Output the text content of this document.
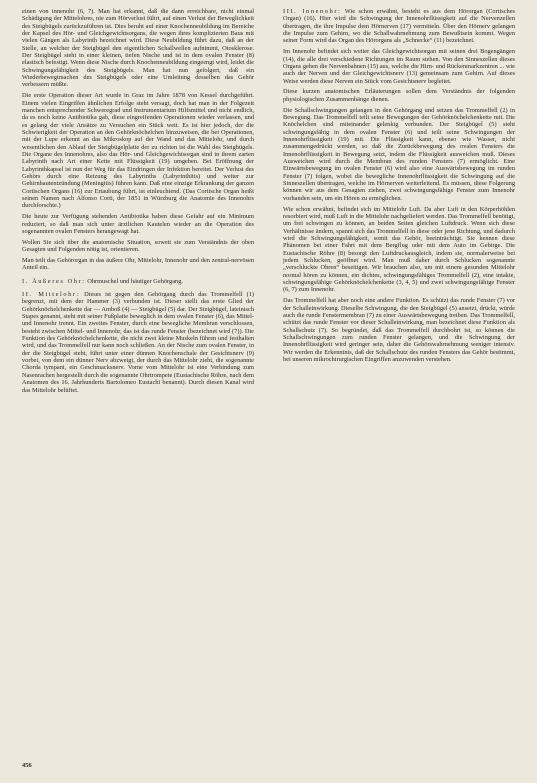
einen von innenohr (6, 7). Man hat erkannt, daß die dann erreichbare, nicht einmal Schädigung der Mittelohres, nie zum Hörverlust führt, auf einen Verlust der Beweglichkeit des Steigbügels zurückzuführen ist. Dies beruht auf einer Knochenneubildung im Bereiche der Kapsel des Hör- und Gleichgewichtsorgans, die wegen ihres komplizierten Baus mit vielen Gängen als Labyrinth bezeichnet wird. Diese Neubildung führt dazu, daß an der Stelle, an welcher der Steigbügel den eigentlichen Schallwellen aufnimmt, Otosklerose. Der Steigbügel steht in einer kleinen, tiefen Nische und ist in dem ovalen Fenster (8) elastisch befestigt. Wenn diese Nische durch Knochenneubildung eingeengt wird, leidet die Schwingungsfähigkeit des Steigbügels. Man hat nun gefolgert, daß ein Wiederbewegtmachen des Steigbügels oder eine Umleitung desselben das Gehör verbessern müßte.

Die erste Operation dieser Art wurde in Graz im Jahre 1878 von Kessel durchgeführt. Einem vielen Eingriffen ähnlichen Erfolge steht versagt, doch hat man in der Folgezeit manchen entsprechender Schweregrad und Instrumentarium Hilfsmittel und nicht endlich, da es noch keine Antibiotika gab, diese eingreifenden Operationen wieder verlassen, und es gelang der viele Ansätze zu Versuchen ein Stück weit. Es ist hier jedoch, der die Schwierigkeit der Operation an den Gehörknöchelchen hinzuweisen, die bei Operationen, mit der Lupe erkennt an das Mikroskop auf der Wand und das Mittelohr, und durch wesentlichen den Ablauf der Steigbügelplatte der zu richten ist die Wahl des Steigbügels. Die Organe des Innenohres, also das Hör- und Gleichgewichtsorgan sind in ihrem zarten Labyrinth nach Art einer Kette mit Flüssigkeit (19) umgeben. Bei Eröffnung der Labyrinthkapsel ist nun der Weg für das Eindringen der Infektion bereitet. Der Verlust des Gehörs durch eine Reizung des Labyrinths (Labyrinthitis) und weiter zur Gehirnhautentzündung (Meningitis) führen kann. Daß eine einzige Erkrankung der ganzen Cortischen Organs (16) zur Ertaubung führt, ist einleuchtend. (Das Cortische Organ heißt seinen Namen nach Alfonso Corti, der 1851 in Würzburg die Anatomie des Innenohrs durchforschte.)

Die heute zur Verfügung stehenden Antibiotika haben diese Gefahr auf ein Minimum reduziert, so daß man sich unter ärztlichen Kautelen wieder an die Operation des sogenannten ovalen Fensters herangewagt hat.

Wollen Sie sich über die anatomische Situation, soweit sie zum Verständnis der oben Gesagten und Folgenden nötig ist, orientieren.

Man teilt das Gehörorgan in das äußere Ohr, Mittelohr, Innenohr und den zentral-nervösen Anteil ein.

I. Äußeres Ohr: Ohrmuschel und häutiger Gehörgang.

II. Mittelohr: Dieses ist gegen den Gehörgang durch das Trommelfell (1) begrenzt, mit dem der Hammer (3) verbunden ist. Dieser stellt das erste Glied der Gehörknöchelchenkette dar — Amboß (4) — Steigbügel (5) dar. Der Steigbügel, lateinisch Stapes genannt, steht mit seiner Fußplatte beweglich in dem ovalen Fenster (6), das Mittel- und Innenohr trennt. Ein zweites Fenster, durch eine bewegliche Membran verschlossen, besteht zwischen Mittel- und Innenohr, das ist das runde Fenster (bezeichnet wird (7)). Die Funktion des Gehörknöchelchenkette, die nicht zwei kleine Muskeln führen und festhalten wird, und das Trommelfell nur kann noch schließen. An der Nische zum ovalen Fenster, in der die Steigbügel steht, führt unter einer dünnen Knochenschale der Gesichtsnerv (9) vorbei, von dem ein dünner Nerv abzweigt, der durch das Mittelohr zieht, die sogenannte Chorda tympani, ein Geschmacksnerv. Vorne vom Mittelohr ist eine Verbindung zum Nasenrachen hergestellt durch die sogenannte Ohrtrompete (Eustachische Röhre, nach dem Anatomen des 16. Jahrhunderts Bartolomeo Eustachi benannt). Durch diesen Kanal wird das Mittelohr belüftet.

III. Innenohr: Wie schon erwähnt, besteht es aus dem Hörorgan (Cortisches Organ) (16). Hier wird die Schwingung der Innenohrflüssigkeit auf die Nervenzellen übertragen, die ihre Impulse dem Hörnerven (17) vermitteln. Über den Hörnerv gelangen die Impulse zum Gehirn, wo die Schallwahrnehmung zum Bewußtsein kommt. Wegen seiner Form wird das Organ des Hörorgans als „Schnecke“ (11) bezeichnet.

Im Innenohr befindet sich weiter das Gleichgewichtsorgan mit seinen drei Bogengängen (14), die alle drei verschiedene Richtungen im Raum stehen. Von den Sinneszellen dieses Organs gehen die Nervenbahnen (15) aus, welche die Hirn- und Rückenmarkzentren ... wie auch der Nerven und der Gleichgewichtsnerv (13) gemeinsam zum Gehirn. Auf dieses Weise werden diese Nerven ein Stück vom Gesichtsnerv begleitet.

Diese kurzen anatomischen Erläuterungen sollen dem Verständnis der folgenden physiologischen Zusammenhänge dienen.

Die Schallschwingungen gelangen in den Gehörgang und setzen das Trommelfell (2) in Bewegung. Das Trommelfell teilt seine Bewegungen der Gehörknöchelchenkette mit. Die Knöchelchen sind miteinander gelenkig verbunden. Der Steigbügel (5) steht schwingungsfähig in dem ovalen Fenster (6) und teilt seine Schwingungen der Innenohrflüssigkeit (19) mit. Die Flüssigkeit kann, ebenso wie Wasser, nicht zusammengedrückt werden, so daß die Zurückbewegung des ovalen Fensters die Innenohrflüssigkeit in Bewegung setzt, indem die Flüssigkeit ausweichen muß. Dieses Ausweichen wird durch die Membran des runden Fensters (7) ermöglicht. Eine Einwärtsbewegung im ovalen Fenster (6) wird also eine Auswärtsbewegung im runden Fenster (7) folgen, wobei die bewegliche Innenohrflüssigkeit die Schwingung auf die Sinneszellen übertragen, welche im Hörnerven weiterleitend. Es müssen, diese Folgerung können wir aus dem Gesagten ziehen, zwei schwingungsfähige Fenster zum Innenohr vorhanden sein, um ein Hören zu ermöglichen.

Wie schon erwähnt, befindet sich im Mittelohr Luft. Da aber Luft in den Körperhöhlen resorbiert wird, muß Luft in die Mittelohr nachgeliefert werden. Das Trommelfell benötigt, um frei schwingen zu können, an beiden Seiten gleichen Luftdruck. Wenn sich diese Verhältnisse ändern, spannt sich das Trommelfell in diese oder jene Richtung, und dadurch wird die Schwingungsfähigkeit, somit das Gehör, beeinträchtigt. Sie kennen diese Phänomen bei einer Fahrt mit dem Bergflug oder mit dem Auto im Gebirge. Die Eustachische Röhre (8) besorgt den Luftdruckausgleich, indem sie, normalerweise bei jedem Schlucken, geöffnet wird. Man muß daher durch Schlucken sogenannte „verschluckte Ohren“ beseitigen. Wir brauchen also, um mit einem gesunden Mittelohr normal hören zu können, ein dichtes, schwingungsfähiges Trommelfell (2), eine intakte, schwingungsfähige Gehörknöchelchenkette (3, 4, 5) und zwei schwingungsfähige Fenster (6, 7) zum Innenohr.

Das Trommelfell hat aber noch eine andere Funktion. Es schützt das runde Fenster (7) vor der Schalleinwirkung. Dieselbe Schwingung, die den Steigbügel (5) ansetzt, drückt, würde auch die runde Fenstermembran (7) zu einer Auswärtsbewegung treiben. Das Trommelfell, schützt das runde Fenster vor dieser Schalleinwirkung, man bezeichnet diese Funktion als Schallschutz (7). So begründet, daß das Trommelfell durchbohrt ist, so können die Schallschwingungen zum runden Fenster gelangen, und die Schwingung der Innenohrflüssigkeit wird geringer sein, daher die Gehörswahrnehmung weniger intensiv. Wir werden die Erkenntnis, daß der Schallschutz des runden Fensters das Gehör bestimmt, bei unseren mikrochirurgischen Eingriffen anzuwenden verstehen.

456
